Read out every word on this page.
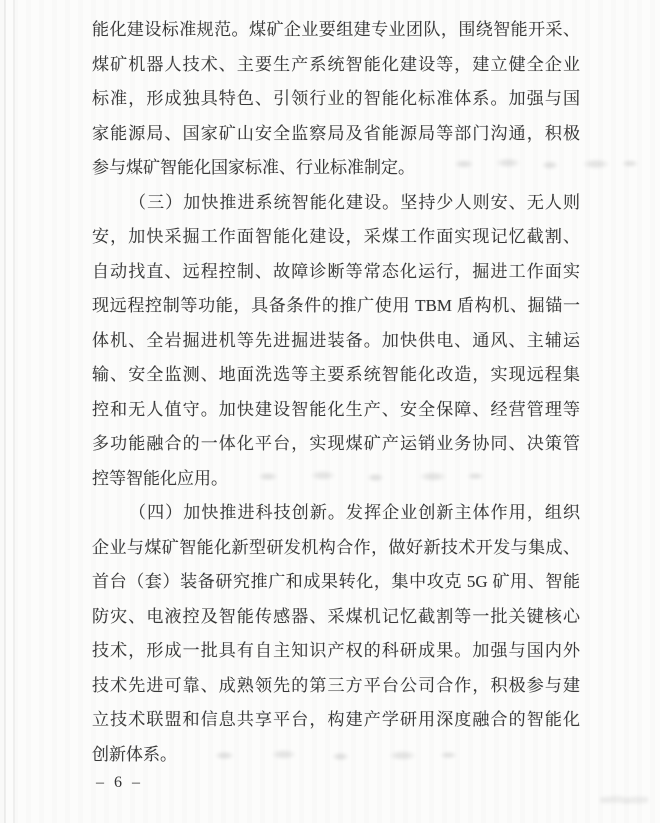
能化建设标准规范。煤矿企业要组建专业团队，围绕智能开采、
煤矿机器人技术、主要生产系统智能化建设等，建立健全企业
标准，形成独具特色、引领行业的智能化标准体系。加强与国
家能源局、国家矿山安全监察局及省能源局等部门沟通，积极
参与煤矿智能化国家标准、行业标准制定。
（三）加快推进系统智能化建设。坚持少人则安、无人则
安，加快采掘工作面智能化建设，采煤工作面实现记忆截割、
自动找直、远程控制、故障诊断等常态化运行，掘进工作面实
现远程控制等功能，具备条件的推广使用 TBM 盾构机、掘锚一
体机、全岩掘进机等先进掘进装备。加快供电、通风、主辅运
输、安全监测、地面洗选等主要系统智能化改造，实现远程集
控和无人值守。加快建设智能化生产、安全保障、经营管理等
多功能融合的一体化平台，实现煤矿产运销业务协同、决策管
控等智能化应用。
（四）加快推进科技创新。发挥企业创新主体作用，组织
企业与煤矿智能化新型研发机构合作，做好新技术开发与集成、
首台（套）装备研究推广和成果转化，集中攻克 5G 矿用、智能
防灾、电液控及智能传感器、采煤机记忆截割等一批关键核心
技术，形成一批具有自主知识产权的科研成果。加强与国内外
技术先进可靠、成熟领先的第三方平台公司合作，积极参与建
立技术联盟和信息共享平台，构建产学研用深度融合的智能化
创新体系。
– 6 –
